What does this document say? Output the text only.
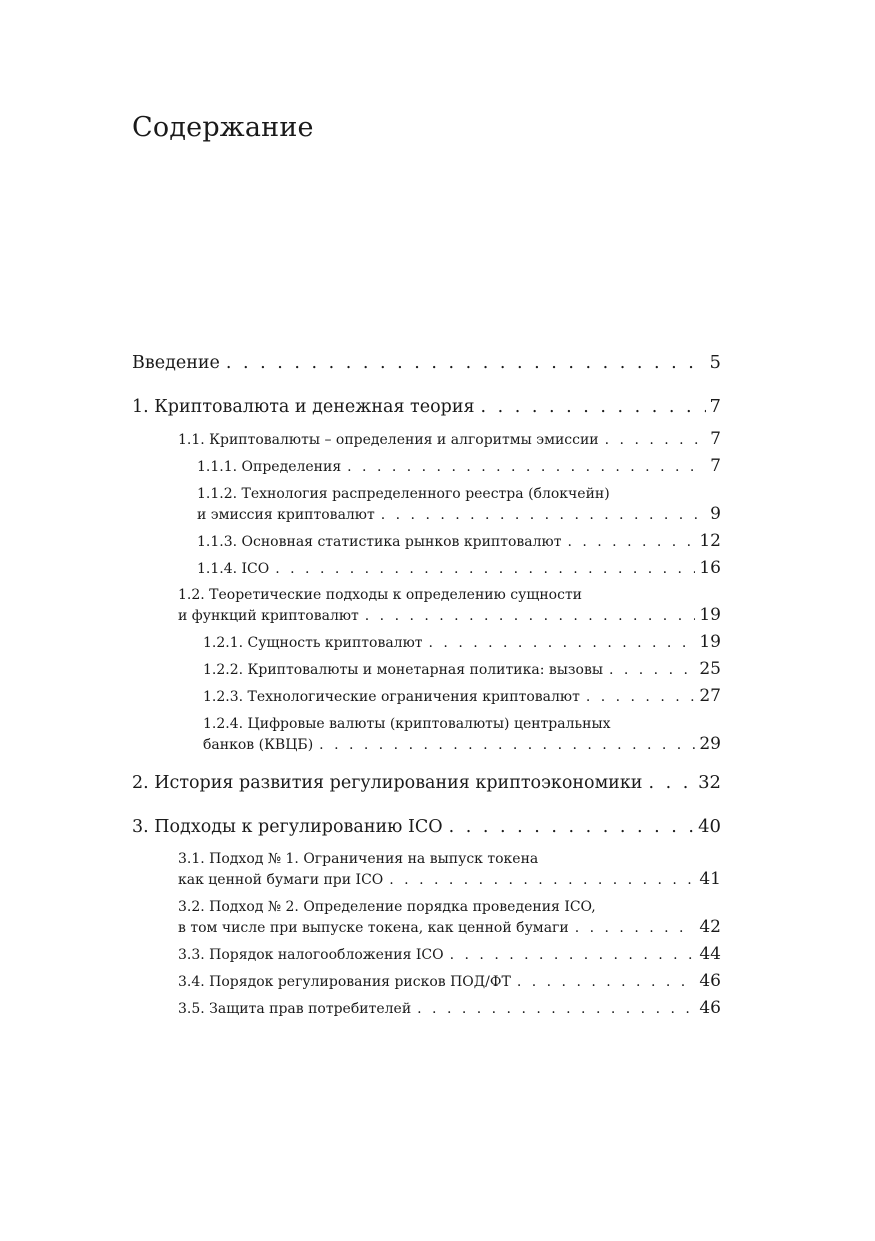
Содержание
Введение . . .	5
1. Криптовалюта и денежная теория . . .	7
1.1. Криптовалюты – определения и алгоритмы эмиссии . . .	7
1.1.1. Определения . . .	7
1.1.2. Технология распределенного реестра (блокчейн)
и эмиссия криптовалют . . .	9
1.1.3. Основная статистика рынков криптовалют . . .	12
1.1.4. ICO . . .	16
1.2. Теоретические подходы к определению сущности
и функций криптовалют . . .	19
1.2.1. Сущность криптовалют . . .	19
1.2.2. Криптовалюты и монетарная политика: вызовы . . .	25
1.2.3. Технологические ограничения криптовалют . . .	27
1.2.4. Цифровые валюты (криптовалюты) центральных
банков (КВЦБ) . . .	29
2. История развития регулирования криптоэкономики . . .	32
3. Подходы к регулированию ICO . . .	40
3.1. Подход № 1. Ограничения на выпуск токена
как ценной бумаги при ICO . . .	41
3.2. Подход № 2. Определение порядка проведения ICO,
в том числе при выпуске токена, как ценной бумаги . . .	42
3.3. Порядок налогообложения ICO . . .	44
3.4. Порядок регулирования рисков ПОД/ФТ . . .	46
3.5. Защита прав потребителей . . .	46
